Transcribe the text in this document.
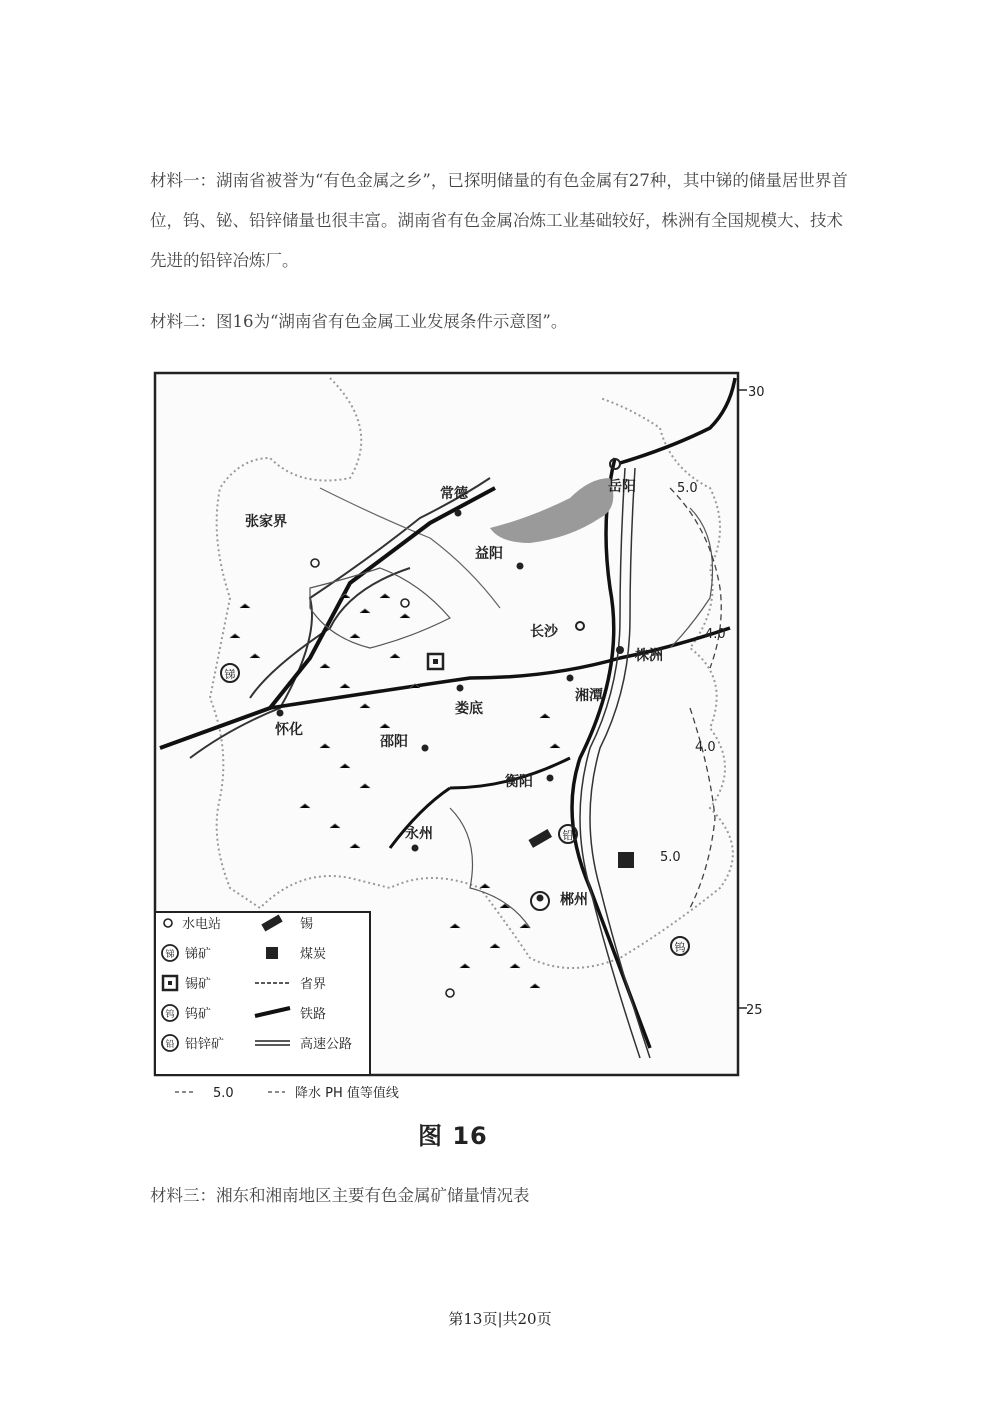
材料一：湖南省被誉为“有色金属之乡”，已探明储量的有色金属有27种，其中锑的储量居世界首位，钨、铋、铅锌储量也很丰富。湖南省有色金属冶炼工业基础较好，株洲有全国规模大、技术先进的铅锌冶炼厂。
材料二：图16为“湖南省有色金属工业发展条件示意图”。
锑
铅
钨
常德
益阳
岳阳
张家界
长沙
株洲
湘潭
娄底
怀化
邵阳
衡阳
永州
郴州
5.0
4.0
4.0
5.0
30
25
水电站	锡
锑 锑矿	煤炭
锡矿	省界
钨 钨矿	铁路
铅 铅锌矿	高速公路
5.0	降水 PH 值等值线
图 16
材料三：湘东和湘南地区主要有色金属矿储量情况表
第13页|共20页
